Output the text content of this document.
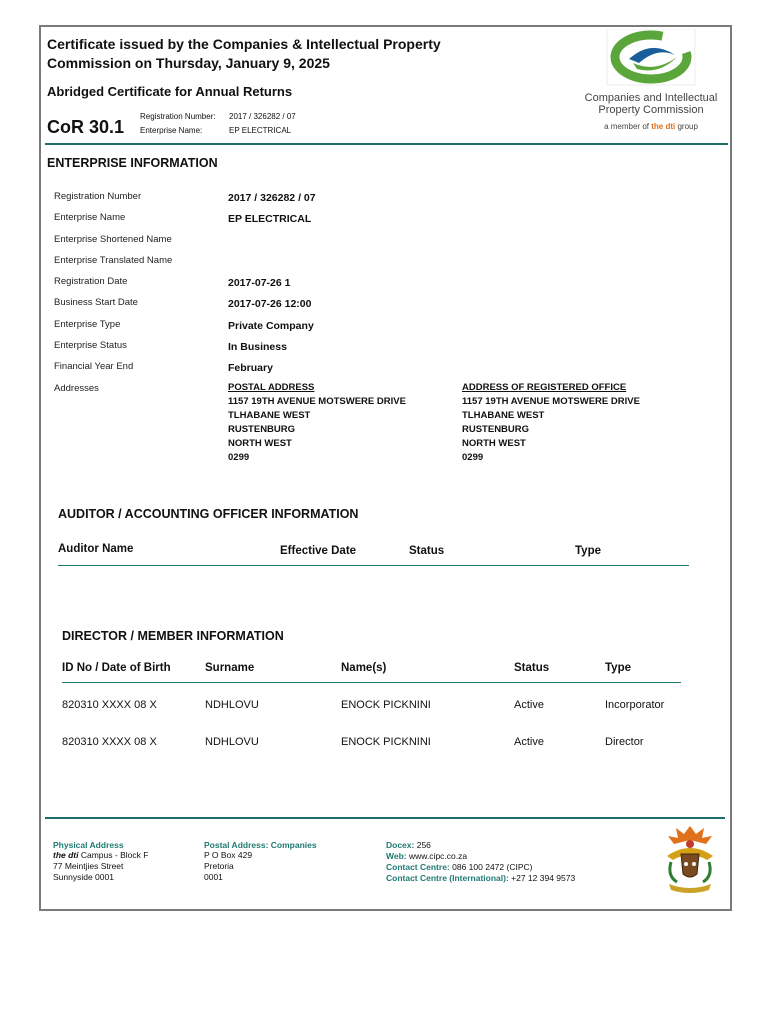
Certificate issued by the Companies & Intellectual Property
Commission on Thursday, January 9, 2025
Abridged Certificate for Annual Returns
CoR 30.1
Registration Number: 2017 / 326282 / 07
Enterprise Name:	EP ELECTRICAL
Companies and Intellectual
Property Commission
a member of the dti group
ENTERPRISE INFORMATION
Registration Number	2017 / 326282 / 07
Enterprise Name	EP ELECTRICAL
Enterprise Shortened Name
Enterprise Translated Name
Registration Date	2017-07-26 1
Business Start Date	2017-07-26 12:00
Enterprise Type	Private Company
Enterprise Status	In Business
Financial Year End	February
Addresses	POSTAL ADDRESS
1157 19TH AVENUE MOTSWERE DRIVE
TLHABANE WEST
RUSTENBURG
NORTH WEST
0299
ADDRESS OF REGISTERED OFFICE
1157 19TH AVENUE MOTSWERE DRIVE
TLHABANE WEST
RUSTENBURG
NORTH WEST
0299
AUDITOR / ACCOUNTING OFFICER INFORMATION
Auditor Name	Effective Date	Status	Type
DIRECTOR / MEMBER INFORMATION
ID No / Date of Birth	Surname	Name(s)	Status	Type
820310 XXXX 08 X	NDHLOVU	ENOCK PICKNINI	Active	Incorporator
820310 XXXX 08 X	NDHLOVU	ENOCK PICKNINI	Active	Director
Physical Address
the dti Campus - Block F
77 Meintjies Street
Sunnyside 0001
Postal Address: Companies
P O Box 429
Pretoria
0001
Docex: 256
Web: www.cipc.co.za
Contact Centre: 086 100 2472 (CIPC)
Contact Centre (International): +27 12 394 9573
